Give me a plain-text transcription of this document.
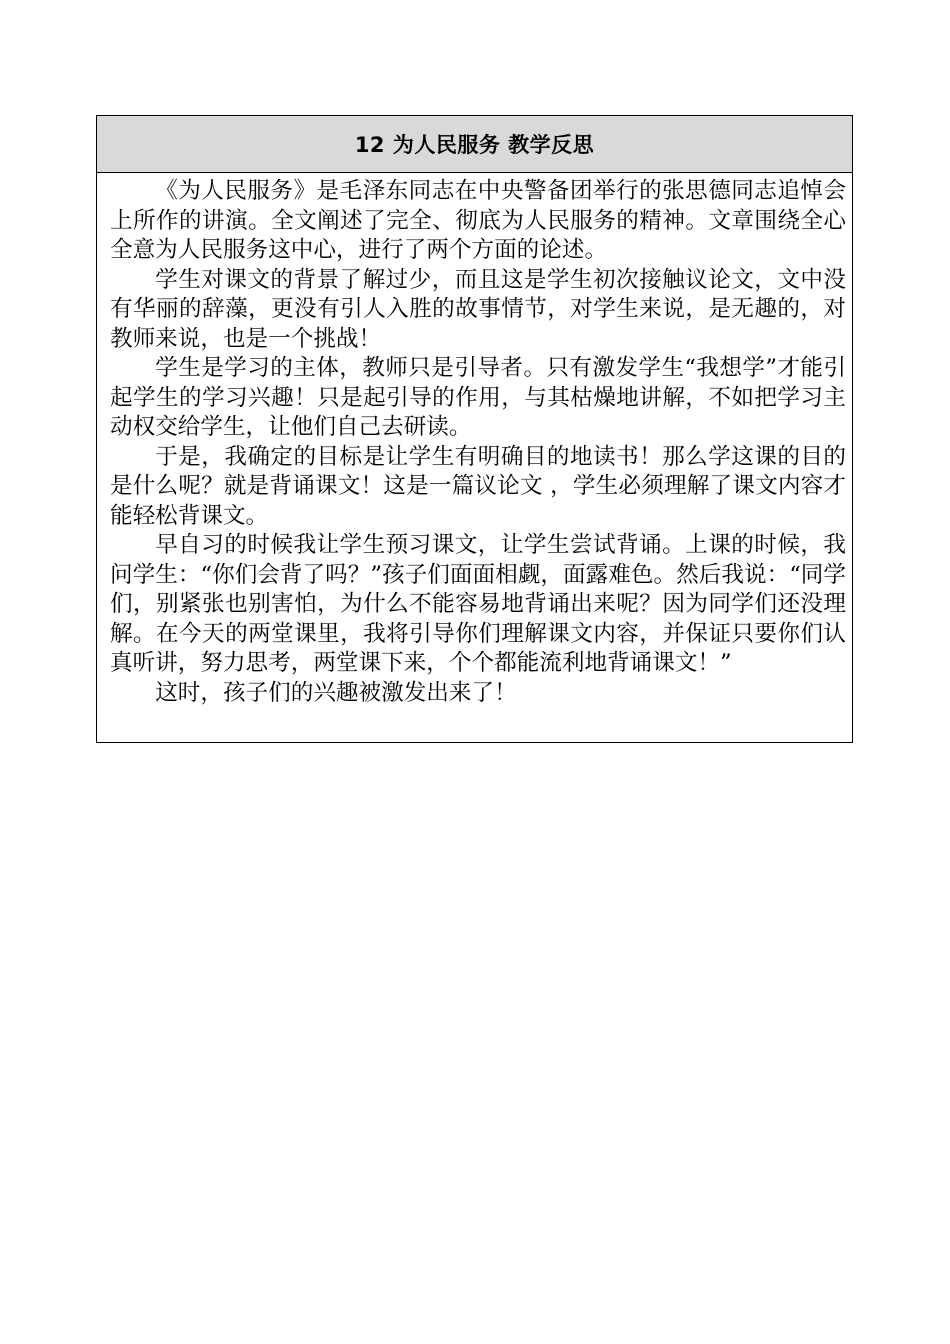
12 为人民服务 教学反思

《为人民服务》是毛泽东同志在中央警备团举行的张思德同志追悼会上所作的讲演。全文阐述了完全、彻底为人民服务的精神。文章围绕全心全意为人民服务这中心，进行了两个方面的论述。

学生对课文的背景了解过少，而且这是学生初次接触议论文，文中没有华丽的辞藻，更没有引人入胜的故事情节，对学生来说，是无趣的，对教师来说，也是一个挑战！

学生是学习的主体，教师只是引导者。只有激发学生“我想学”才能引起学生的学习兴趣！只是起引导的作用，与其枯燥地讲解，不如把学习主动权交给学生，让他们自己去研读。

于是，我确定的目标是让学生有明确目的地读书！那么学这课的目的是什么呢？就是背诵课文！这是一篇议论文 ，学生必须理解了课文内容才能轻松背课文。

早自习的时候我让学生预习课文，让学生尝试背诵。上课的时候，我问学生：“你们会背了吗？”孩子们面面相觑，面露难色。然后我说：“同学们，别紧张也别害怕，为什么不能容易地背诵出来呢？因为同学们还没理解。在今天的两堂课里，我将引导你们理解课文内容，并保证只要你们认真听讲，努力思考，两堂课下来，个个都能流利地背诵课文！”

这时，孩子们的兴趣被激发出来了！
